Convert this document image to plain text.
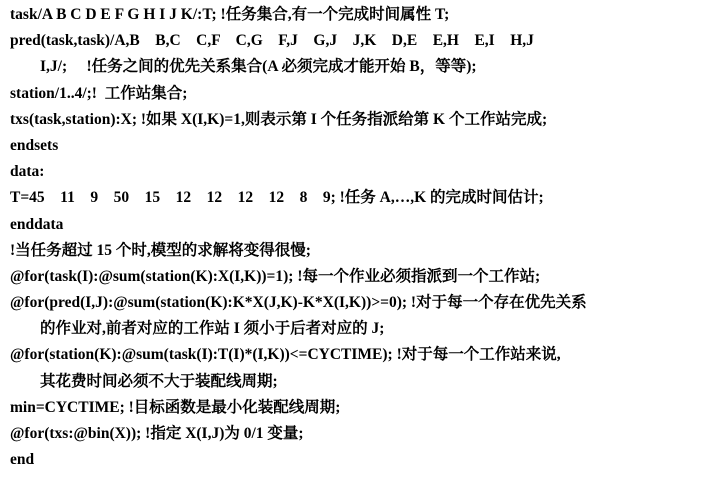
task/A B C D E F G H I J K/:T; !任务集合,有一个完成时间属性 T;
pred(task,task)/A,B    B,C    C,F    C,G    F,J    G,J    J,K    D,E    E,H    E,I    H,J
I,J/;     !任务之间的优先关系集合(A 必须完成才能开始 B，等等);
station/1..4/;!  工作站集合;
txs(task,station):X; !如果 X(I,K)=1,则表示第 I 个任务指派给第 K 个工作站完成;
endsets
data:
T=45    11    9    50    15    12    12    12    12    8    9; !任务 A,…,K 的完成时间估计;
enddata
!当任务超过 15 个时,模型的求解将变得很慢;
@for(task(I):@sum(station(K):X(I,K))=1); !每一个作业必须指派到一个工作站;
@for(pred(I,J):@sum(station(K):K*X(J,K)-K*X(I,K))>=0); !对于每一个存在优先关系
的作业对,前者对应的工作站 I 须小于后者对应的 J;
@for(station(K):@sum(task(I):T(I)*(I,K))<=CYCTIME); !对于每一个工作站来说,
其花费时间必须不大于装配线周期;
min=CYCTIME; !目标函数是最小化装配线周期;
@for(txs:@bin(X)); !指定 X(I,J)为 0/1 变量;
end
